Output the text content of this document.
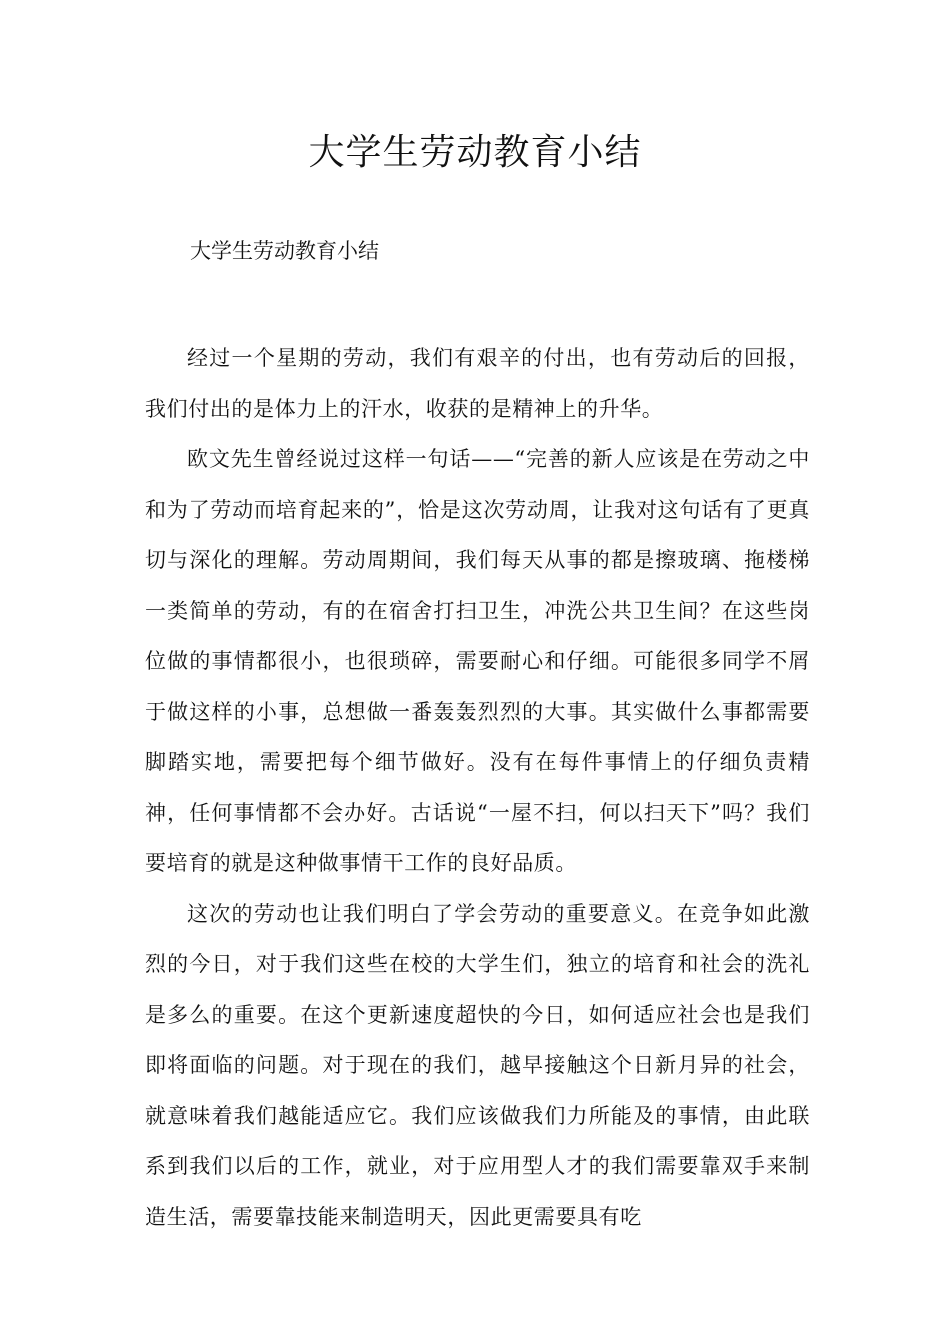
大学生劳动教育小结

大学生劳动教育小结

经过一个星期的劳动，我们有艰辛的付出，也有劳动后的回报，我们付出的是体力上的汗水，收获的是精神上的升华。

欧文先生曾经说过这样一句话——“完善的新人应该是在劳动之中和为了劳动而培育起来的”，恰是这次劳动周，让我对这句话有了更真切与深化的理解。劳动周期间，我们每天从事的都是擦玻璃、拖楼梯一类简单的劳动，有的在宿舍打扫卫生，冲洗公共卫生间？在这些岗位做的事情都很小，也很琐碎，需要耐心和仔细。可能很多同学不屑于做这样的小事，总想做一番轰轰烈烈的大事。其实做什么事都需要脚踏实地，需要把每个细节做好。没有在每件事情上的仔细负责精神，任何事情都不会办好。古话说“一屋不扫，何以扫天下”吗？我们要培育的就是这种做事情干工作的良好品质。

这次的劳动也让我们明白了学会劳动的重要意义。在竞争如此激烈的今日，对于我们这些在校的大学生们，独立的培育和社会的洗礼是多么的重要。在这个更新速度超快的今日，如何适应社会也是我们即将面临的问题。对于现在的我们，越早接触这个日新月异的社会，就意味着我们越能适应它。我们应该做我们力所能及的事情，由此联系到我们以后的工作，就业，对于应用型人才的我们需要靠双手来制造生活，需要靠技能来制造明天，因此更需要具有吃
